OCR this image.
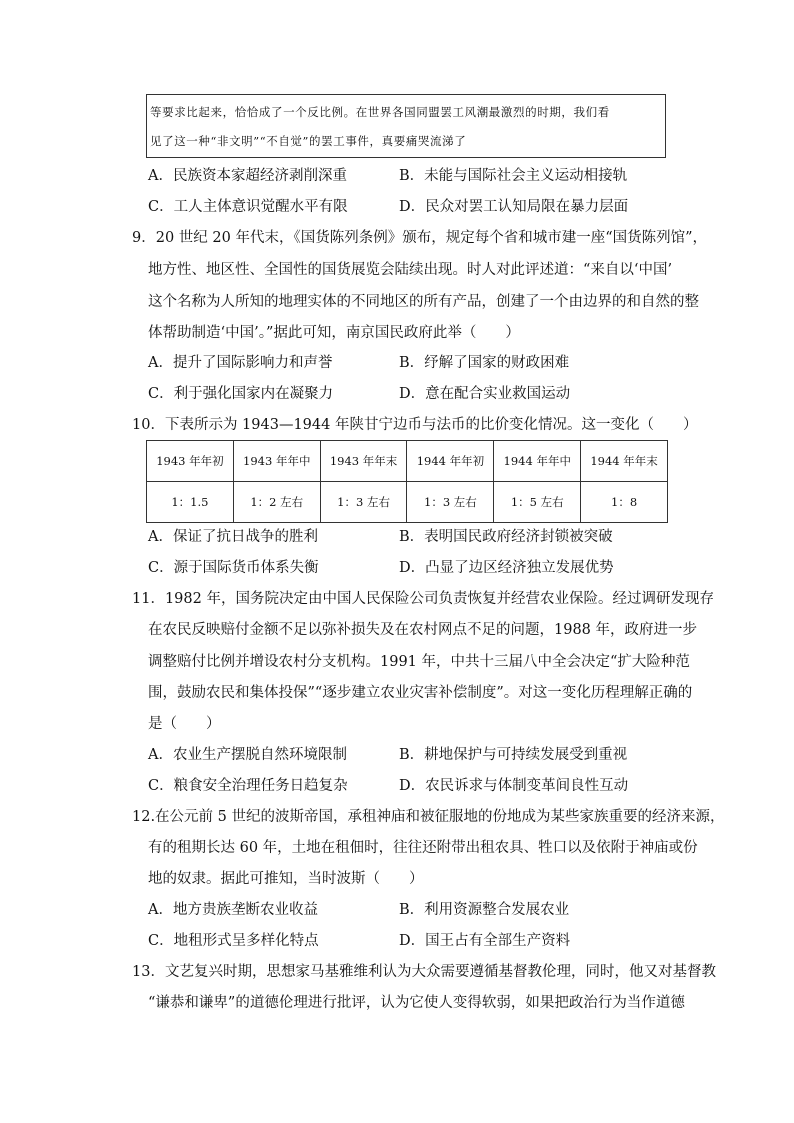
等要求比起来，恰恰成了一个反比例。在世界各国同盟罢工风潮最激烈的时期，我们看
见了这一种“非文明”“不自觉”的罢工事件，真要痛哭流涕了
A．民族资本家超经济剥削深重	B．未能与国际社会主义运动相接轨
C．工人主体意识觉醒水平有限	D．民众对罢工认知局限在暴力层面
9．20 世纪 20 年代末，《国货陈列条例》颁布，规定每个省和城市建一座“国货陈列馆”，
地方性、地区性、全国性的国货展览会陆续出现。时人对此评述道：“来自以‘中国’
这个名称为人所知的地理实体的不同地区的所有产品，创建了一个由边界的和自然的整
体帮助制造‘中国’。”据此可知，南京国民政府此举（　　）
A．提升了国际影响力和声誉	B．纾解了国家的财政困难
C．利于强化国家内在凝聚力	D．意在配合实业救国运动
10．下表所示为 1943—1944 年陕甘宁边币与法币的比价变化情况。这一变化（　　）
1943 年年初	1943 年年中	1943 年年末	1944 年年初	1944 年年中	1944 年年末
1：1.5	1：2 左右	1：3 左右	1：3 左右	1：5 左右	1：8
A．保证了抗日战争的胜利	B．表明国民政府经济封锁被突破
C．源于国际货币体系失衡	D．凸显了边区经济独立发展优势
11．1982 年，国务院决定由中国人民保险公司负责恢复并经营农业保险。经过调研发现存
在农民反映赔付金额不足以弥补损失及在农村网点不足的问题，1988 年，政府进一步
调整赔付比例并增设农村分支机构。1991 年，中共十三届八中全会决定“扩大险种范
围，鼓励农民和集体投保”“逐步建立农业灾害补偿制度”。对这一变化历程理解正确的
是（　　）
A．农业生产摆脱自然环境限制	B．耕地保护与可持续发展受到重视
C．粮食安全治理任务日趋复杂	D．农民诉求与体制变革间良性互动
12.在公元前 5 世纪的波斯帝国，承租神庙和被征服地的份地成为某些家族重要的经济来源，
有的租期长达 60 年，土地在租佃时，往往还附带出租农具、牲口以及依附于神庙或份
地的奴隶。据此可推知，当时波斯（　　）
A．地方贵族垄断农业收益	B．利用资源整合发展农业
C．地租形式呈多样化特点	D．国王占有全部生产资料
13．文艺复兴时期，思想家马基雅维利认为大众需要遵循基督教伦理，同时，他又对基督教
“谦恭和谦卑”的道德伦理进行批评，认为它使人变得软弱，如果把政治行为当作道德
